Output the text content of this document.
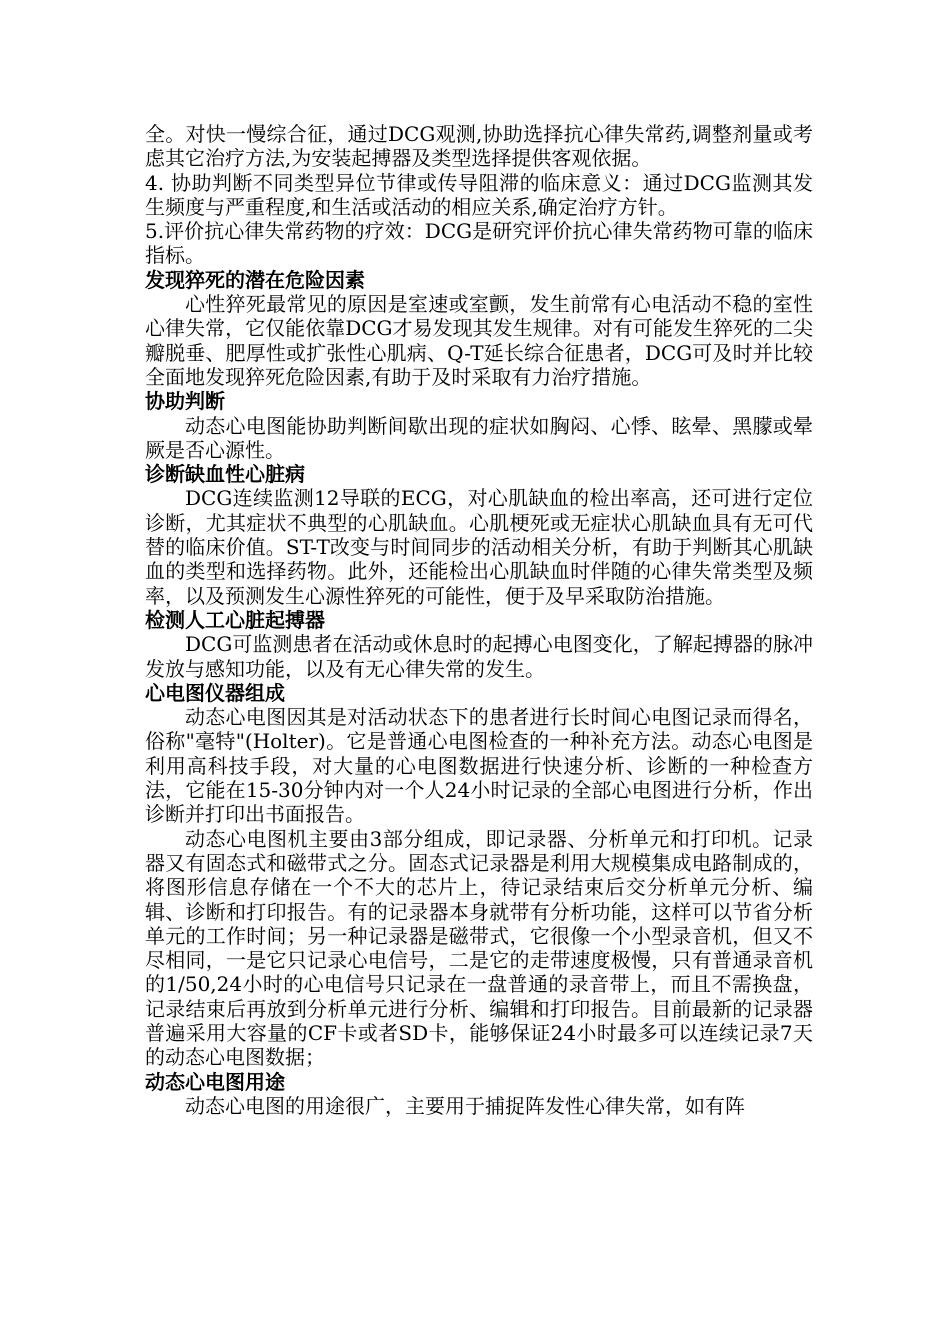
全。对快一慢综合征，通过DCG观测,协助选择抗心律失常药,调整剂量或考虑其它治疗方法,为安装起搏器及类型选择提供客观依据。

4. 协助判断不同类型异位节律或传导阻滞的临床意义：通过DCG监测其发生频度与严重程度,和生活或活动的相应关系,确定治疗方针。

5.评价抗心律失常药物的疗效：DCG是研究评价抗心律失常药物可靠的临床指标。

发现猝死的潜在危险因素

心性猝死最常见的原因是室速或室颤，发生前常有心电活动不稳的室性心律失常，它仅能依靠DCG才易发现其发生规律。对有可能发生猝死的二尖瓣脱垂、肥厚性或扩张性心肌病、Q-T延长综合征患者，DCG可及时并比较全面地发现猝死危险因素,有助于及时采取有力治疗措施。

协助判断

动态心电图能协助判断间歇出现的症状如胸闷、心悸、眩晕、黑朦或晕厥是否心源性。

诊断缺血性心脏病

DCG连续监测12导联的ECG，对心肌缺血的检出率高，还可进行定位诊断，尤其症状不典型的心肌缺血。心肌梗死或无症状心肌缺血具有无可代替的临床价值。ST-T改变与时间同步的活动相关分析，有助于判断其心肌缺血的类型和选择药物。此外，还能检出心肌缺血时伴随的心律失常类型及频率，以及预测发生心源性猝死的可能性，便于及早采取防治措施。

检测人工心脏起搏器

DCG可监测患者在活动或休息时的起搏心电图变化，了解起搏器的脉冲发放与感知功能，以及有无心律失常的发生。

心电图仪器组成

动态心电图因其是对活动状态下的患者进行长时间心电图记录而得名，俗称"毫特"(Holter)。它是普通心电图检查的一种补充方法。动态心电图是利用高科技手段，对大量的心电图数据进行快速分析、诊断的一种检查方法，它能在15-30分钟内对一个人24小时记录的全部心电图进行分析，作出诊断并打印出书面报告。

动态心电图机主要由3部分组成，即记录器、分析单元和打印机。记录器又有固态式和磁带式之分。固态式记录器是利用大规模集成电路制成的，将图形信息存储在一个不大的芯片上，待记录结束后交分析单元分析、编辑、诊断和打印报告。有的记录器本身就带有分析功能，这样可以节省分析单元的工作时间；另一种记录器是磁带式，它很像一个小型录音机，但又不尽相同，一是它只记录心电信号，二是它的走带速度极慢，只有普通录音机的1/50,24小时的心电信号只记录在一盘普通的录音带上，而且不需换盘，记录结束后再放到分析单元进行分析、编辑和打印报告。目前最新的记录器普遍采用大容量的CF卡或者SD卡，能够保证24小时最多可以连续记录7天的动态心电图数据；

动态心电图用途

动态心电图的用途很广，主要用于捕捉阵发性心律失常，如有阵
